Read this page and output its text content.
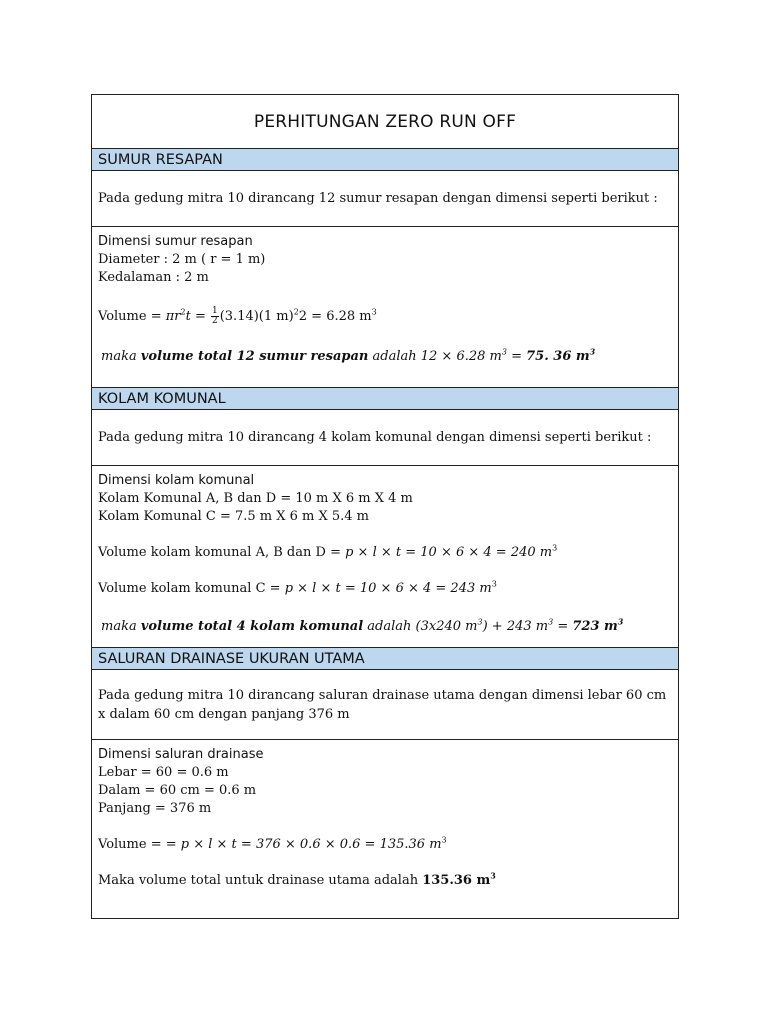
PERHITUNGAN ZERO RUN OFF
SUMUR RESAPAN
Pada gedung mitra 10 dirancang 12 sumur resapan dengan dimensi seperti berikut :
Dimensi sumur resapan
Diameter : 2 m ( r = 1 m)
Kedalaman : 2 m
Volume = $\pi r^2t = \frac{1}{2} (3.14)(1$ m)$^2$2 = 6.28 $m^3$
maka volume total 12 sumur resapan adalah 12 × 6.28 $m^3 = 75$. 36 $m^3$
KOLAM KOMUNAL
Pada gedung mitra 10 dirancang 4 kolam komunal dengan dimensi seperti berikut :
Dimensi kolam komunal
Kolam Komunal A, B dan D = 10 m X 6 m X 4 m
Kolam Komunal C = 7.5 m X 6 m X 5.4 m
Volume kolam komunal A, B dan D = p × l × t = 10 × 6 × 4 = 240 $m^3$
Volume kolam komunal C = p × l × t = 10 × 6 × 4 = 243 $m^3$
maka volume total 4 kolam komunal adalah (3x240 $m^3) + 243$ $m^3 = 723$ $m^3$
SALURAN DRAINASE UKURAN UTAMA
Pada gedung mitra 10 dirancang saluran drainase utama dengan dimensi lebar 60 cm x dalam 60 cm dengan panjang 376 m
Dimensi saluran drainase
Lebar = 60 = 0.6 m
Dalam = 60 cm = 0.6 m
Panjang = 376 m
Volume = = p × l × t = 376 × 0.6 × 0.6 = 135.36 $m^3$
Maka volume total untuk drainase utama adalah 135.36 $m^3$
